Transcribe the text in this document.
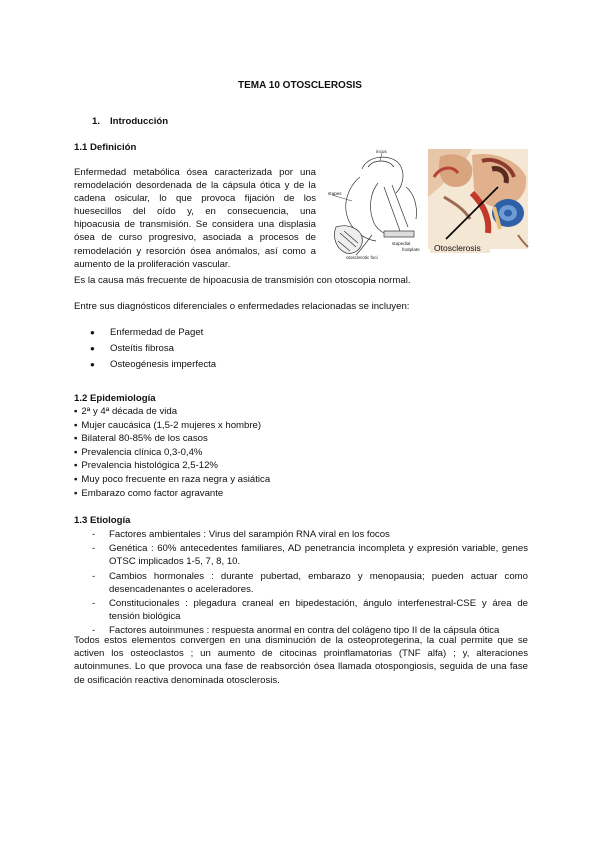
TEMA 10 OTOSCLEROSIS
1. Introducción
1.1 Definición
Enfermedad metabólica ósea caracterizada por una
remodelación desordenada de la cápsula ótica y de la
cadena osicular, lo que provoca fijación de los
huesecillos del oído y, en consecuencia, una
hipoacusia de transmisión. Se considera una displasia
ósea de curso progresivo, asociada a procesos de
remodelación y resorción ósea anómalos, así como a
aumento de la proliferación vascular.
incus
stapes
stapedial
footplate
otosclerotic foci
Otosclerosis
Es la causa más frecuente de hipoacusia de transmisión con otoscopia normal.
Entre sus diagnósticos diferenciales o enfermedades relacionadas se incluyen:
● Enfermedad de Paget
● Osteítis fibrosa
● Osteogénesis imperfecta
1.2 Epidemiología
▪ 2ª y 4ª década de vida
▪ Mujer caucásica (1,5-2 mujeres x hombre)
▪ Bilateral 80-85% de los casos
▪ Prevalencia clínica 0,3-0,4%
▪ Prevalencia histológica 2,5-12%
▪ Muy poco frecuente en raza negra y asiática
▪ Embarazo como factor agravante
1.3 Etiología
- Factores ambientales : Virus del sarampión RNA viral en los focos
- Genética : 60% antecedentes familiares, AD penetrancia incompleta y expresión variable, genes OTSC implicados 1-5, 7, 8, 10.
- Cambios hormonales : durante pubertad, embarazo y menopausia; pueden actuar como desencadenantes o aceleradores.
- Constitucionales : plegadura craneal en bipedestación, ángulo interfenestral-CSE y área de tensión biológica
- Factores autoinmunes : respuesta anormal en contra del colágeno tipo II de la cápsula ótica
Todos estos elementos convergen en una disminución de la osteoprotegerina, la cual permite que se activen los osteoclastos ; un aumento de citocinas proinflamatorias (TNF alfa) ; y, alteraciones autoinmunes. Lo que provoca una fase de reabsorción ósea llamada otospongiosis, seguida de una fase de osificación reactiva denominada otosclerosis.
